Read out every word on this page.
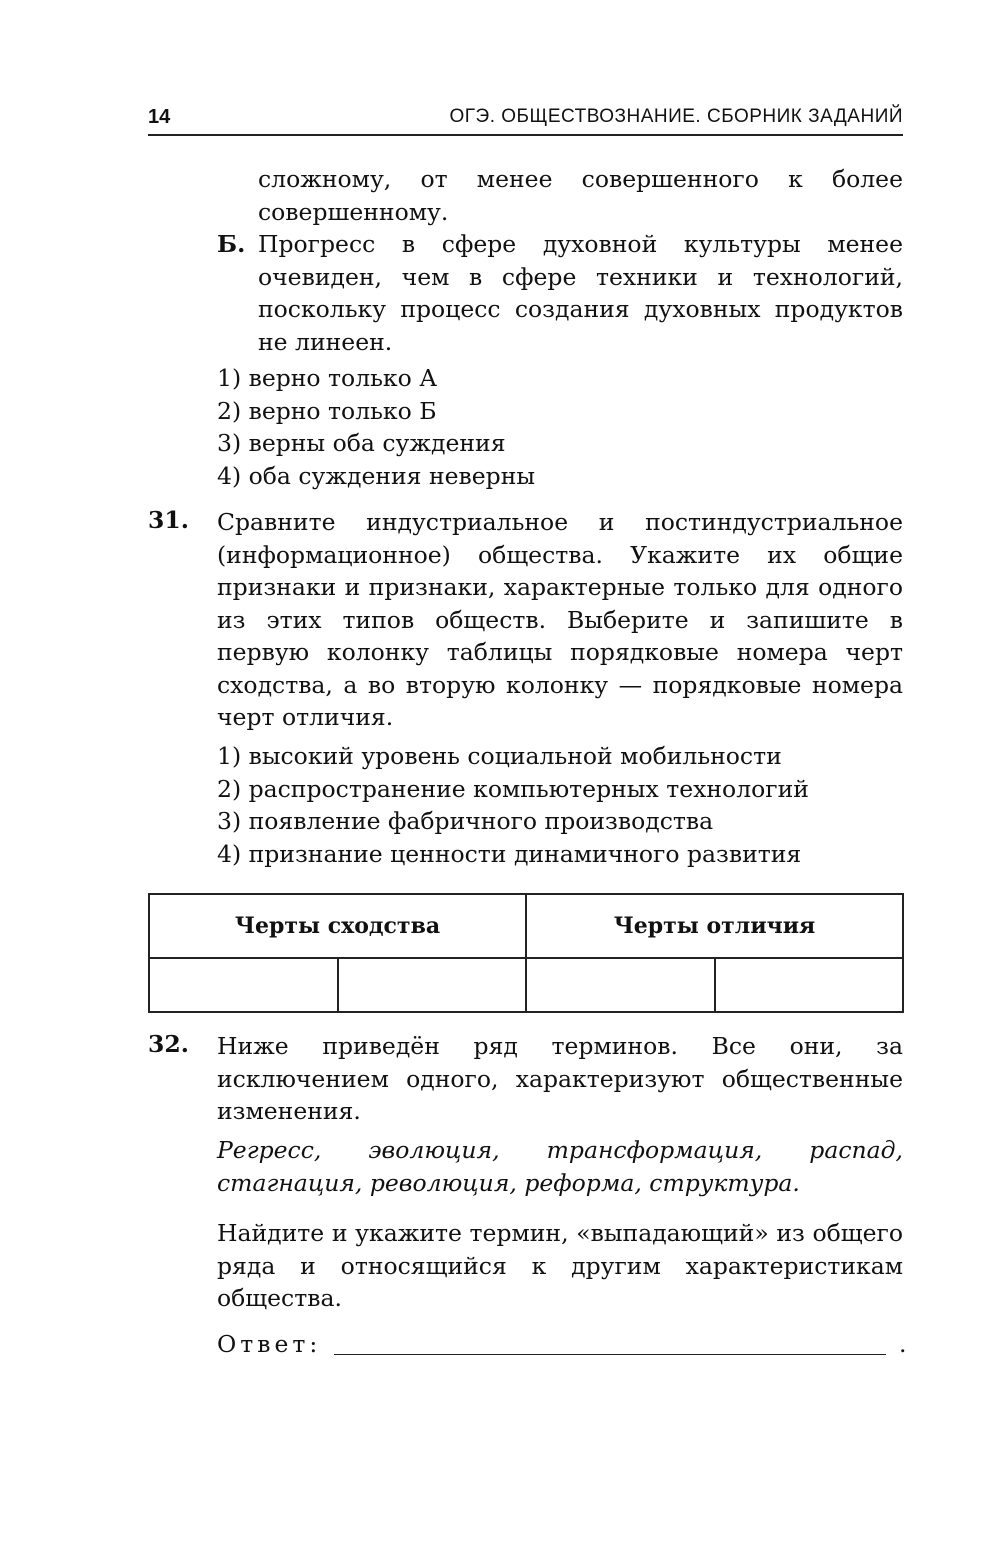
14	ОГЭ. ОБЩЕСТВОЗНАНИЕ. СБОРНИК ЗАДАНИЙ
сложному, от менее совершенного к более совершенному.
Б. Прогресс в сфере духовной культуры менее очевиден, чем в сфере техники и технологий, поскольку процесс создания духовных продуктов не линеен.
1) верно только А
2) верно только Б
3) верны оба суждения
4) оба суждения неверны
31. Сравните индустриальное и постиндустриальное (информационное) общества. Укажите их общие признаки и признаки, характерные только для одного из этих типов обществ. Выберите и запишите в первую колонку таблицы порядковые номера черт сходства, а во вторую колонку — порядковые номера черт отличия.
1) высокий уровень социальной мобильности
2) распространение компьютерных технологий
3) появление фабричного производства
4) признание ценности динамичного развития
Черты сходства		Черты отличия	

32. Ниже приведён ряд терминов. Все они, за исключением одного, характеризуют общественные изменения.
Регресс, эволюция, трансформация, распад, стагнация, революция, реформа, структура.
Найдите и укажите термин, «выпадающий» из общего ряда и относящийся к другим характеристикам общества.
Ответ:	.
